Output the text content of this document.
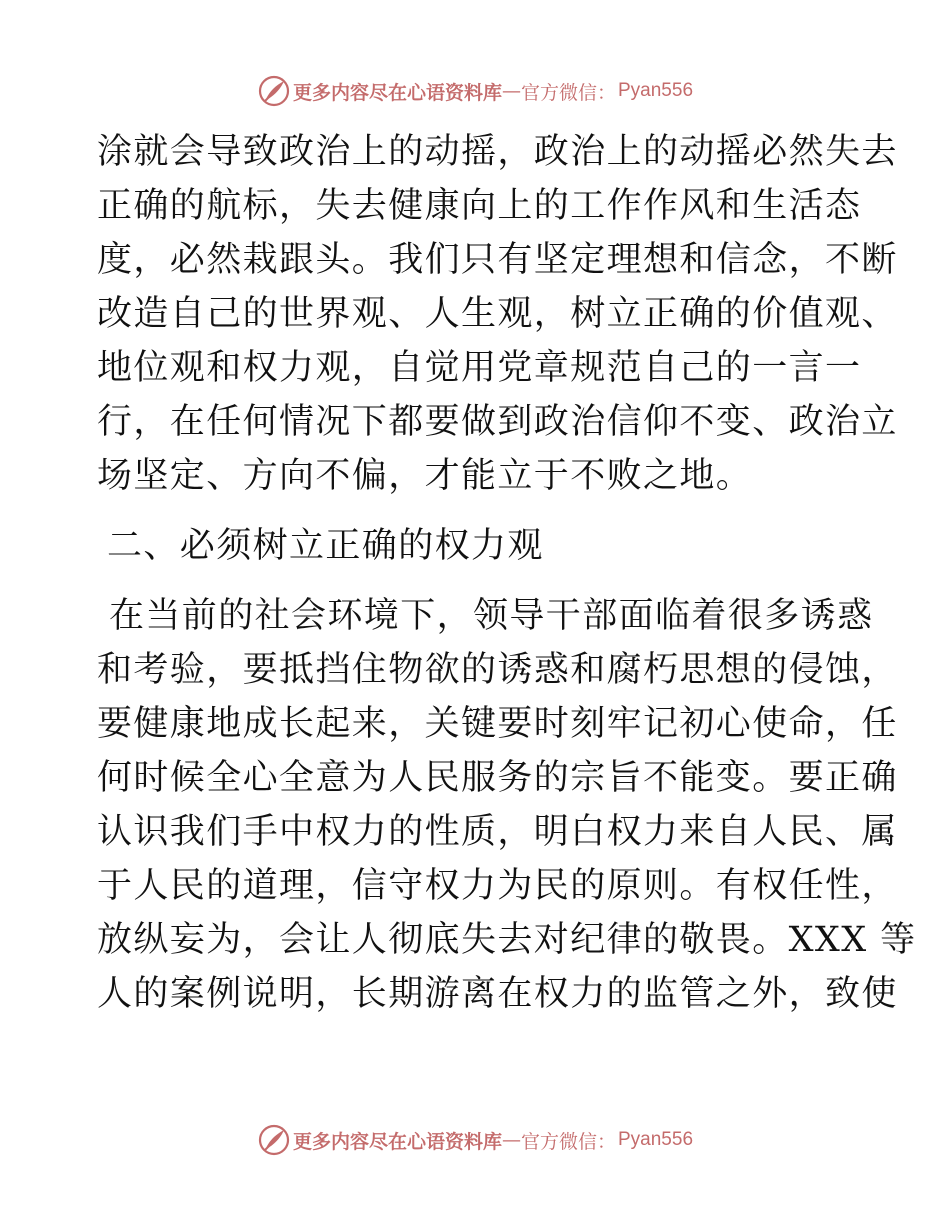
更多内容尽在心语资料库 — 官方微信： Pyan556
涂就会导致政治上的动摇，政治上的动摇必然失去
正确的航标，失去健康向上的工作作风和生活态
度，必然栽跟头。我们只有坚定理想和信念，不断
改造自己的世界观、人生观，树立正确的价值观、
地位观和权力观，自觉用党章规范自己的一言一
行，在任何情况下都要做到政治信仰不变、政治立
场坚定、方向不偏，才能立于不败之地。
二、必须树立正确的权力观
在当前的社会环境下，领导干部面临着很多诱惑
和考验，要抵挡住物欲的诱惑和腐朽思想的侵蚀，
要健康地成长起来，关键要时刻牢记初心使命，任
何时候全心全意为人民服务的宗旨不能变。要正确
认识我们手中权力的性质，明白权力来自人民、属
于人民的道理，信守权力为民的原则。有权任性，
放纵妄为，会让人彻底失去对纪律的敬畏。XXX 等
人的案例说明，长期游离在权力的监管之外，致使
更多内容尽在心语资料库 — 官方微信： Pyan556
